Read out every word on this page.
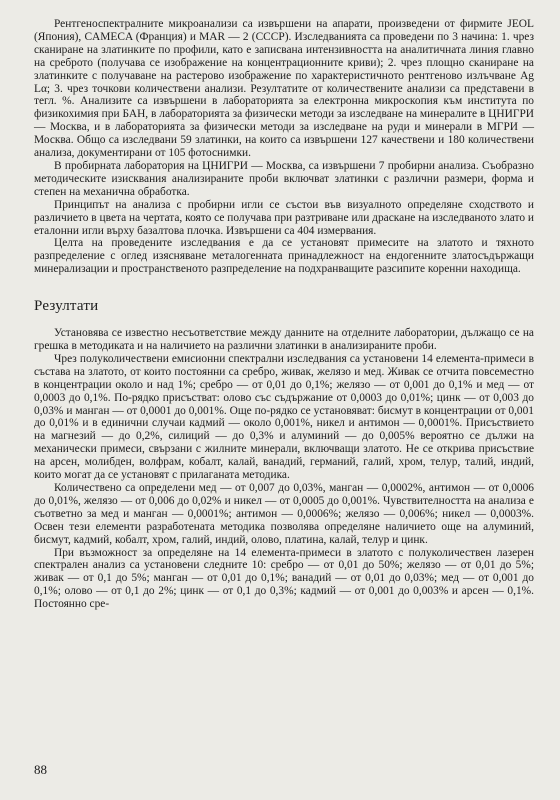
Рентгеноспектралните микроанализи са извършени на апарати, произведени от фирмите JEOL (Япония), CAMECA (Франция) и MAR — 2 (СССР). Изследванията са проведени по 3 начина: 1. чрез сканиране на златинките по профили, като е записвана интензивността на аналитичната линия главно на среброто (получава се изображение на концентрационните криви); 2. чрез площно сканиране на златинките с получаване на растерово изображение по характеристичното рентгеново излъчване Ag Lα; 3. чрез точкови количествени анализи. Резултатите от количествените анализи са представени в тегл. %. Анализите са извършени в лабораторията за електронна микроскопия към института по физикохимия при БАН, в лабораторията за физически методи за изследване на минералите в ЦНИГРИ — Москва, и в лабораторията за физически методи за изследване на руди и минерали в МГРИ — Москва. Общо са изследвани 59 златинки, на които са извършени 127 качествени и 180 количествени анализа, документирани от 105 фотоснимки.

В пробирната лаборатория на ЦНИГРИ — Москва, са извършени 7 пробирни анализа. Съобразно методическите изисквания анализираните проби включват златинки с различни размери, форма и степен на механична обработка.

Принципът на анализа с пробирни игли се състои във визуалното определяне сходството и различието в цвета на чертата, която се получава при разтриване или драскане на изследваното злато и еталонни игли върху базалтова плочка. Извършени са 404 измервания.

Целта на проведените изследвания е да се установят примесите на златото и тяхното разпределение с оглед изясняване металогенната принадлежност на ендогенните златосъдържащи минерализации и пространственото разпределение на подхранващите разсипите коренни находища.

Резултати

Установява се известно несъответствие между данните на отделните лаборатории, дължащо се на грешка в методиката и на наличието на различни златинки в анализираните проби.

Чрез полуколичествени емисионни спектрални изследвания са установени 14 елемента-примеси в състава на златото, от които постоянни са сребро, живак, желязо и мед. Живак се отчита повсеместно в концентрации около и над 1%; сребро — от 0,01 до 0,1%; желязо — от 0,001 до 0,1% и мед — от 0,0003 до 0,1%. По-рядко присъстват: олово със съдържание от 0,0003 до 0,01%; цинк — от 0,003 до 0,03% и манган — от 0,0001 до 0,001%. Още по-рядко се установяват: бисмут в концентрации от 0,001 до 0,01% и в единични случаи кадмий — около 0,001%, никел и антимон — 0,0001%. Присъствието на магнезий — до 0,2%, силиций — до 0,3% и алуминий — до 0,005% вероятно се дължи на механически примеси, свързани с жилните минерали, включващи златото. Не се открива присъствие на арсен, молибден, волфрам, кобалт, калай, ванадий, германий, галий, хром, телур, талий, индий, които могат да се установят с прилаганата методика.

Количествено са определени мед — от 0,007 до 0,03%, манган — 0,0002%, антимон — от 0,0006 до 0,01%, желязо — от 0,006 до 0,02% и никел — от 0,0005 до 0,001%. Чувствителността на анализа е съответно за мед и манган — 0,0001%; антимон — 0,0006%; желязо — 0,006%; никел — 0,0003%. Освен тези елементи разработената методика позволява определяне наличието още на алуминий, бисмут, кадмий, кобалт, хром, галий, индий, олово, платина, калай, телур и цинк.

При възможност за определяне на 14 елемента-примеси в златото с полуколичествен лазерен спектрален анализ са установени следните 10: сребро — от 0,01 до 50%; желязо — от 0,01 до 5%; живак — от 0,1 до 5%; манган — от 0,01 до 0,1%; ванадий — от 0,01 до 0,03%; мед — от 0,001 до 0,1%; олово — от 0,1 до 2%; цинк — от 0,1 до 0,3%; кадмий — от 0,001 до 0,003% и арсен — 0,1%. Постоянно сре-

88
